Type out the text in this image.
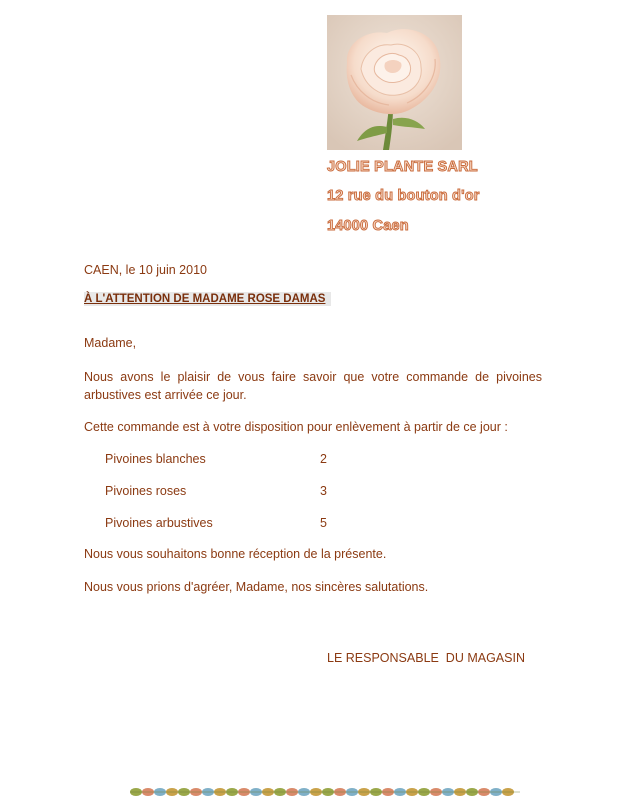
JOLIE PLANTE SARL
12 rue du bouton d'or
14000 Caen
CAEN, le 10 juin 2010
À L'ATTENTION DE MADAME ROSE DAMAS
Madame,
Nous avons le plaisir de vous faire savoir que votre commande de pivoines arbustives est arrivée ce jour.
Cette commande est à votre disposition pour enlèvement à partir de ce jour :
Pivoines blanches	2
Pivoines roses	3
Pivoines arbustives	5
Nous vous souhaitons bonne réception de la présente.
Nous vous prions d'agréer, Madame, nos sincères salutations.
LE RESPONSABLE  DU MAGASIN
